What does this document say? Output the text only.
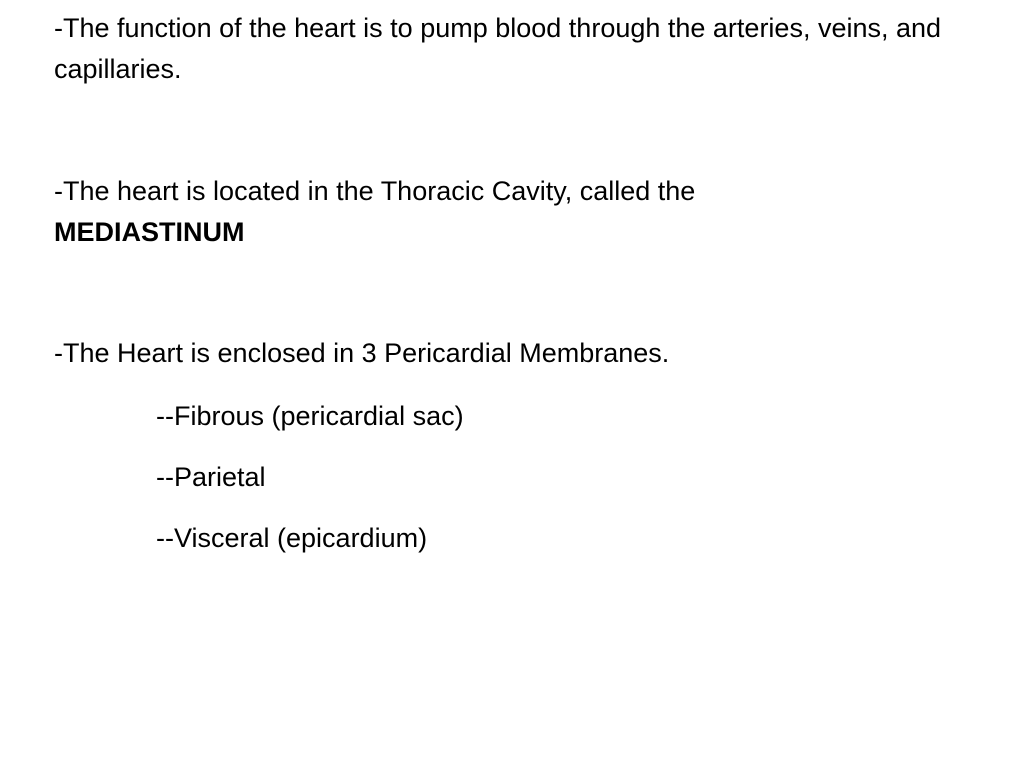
-The function of the heart is to pump blood through the arteries, veins, and capillaries.

-The heart is located in the Thoracic Cavity, called the
MEDIASTINUM

-The Heart is enclosed in 3 Pericardial Membranes.

--Fibrous (pericardial sac)

--Parietal

--Visceral (epicardium)
